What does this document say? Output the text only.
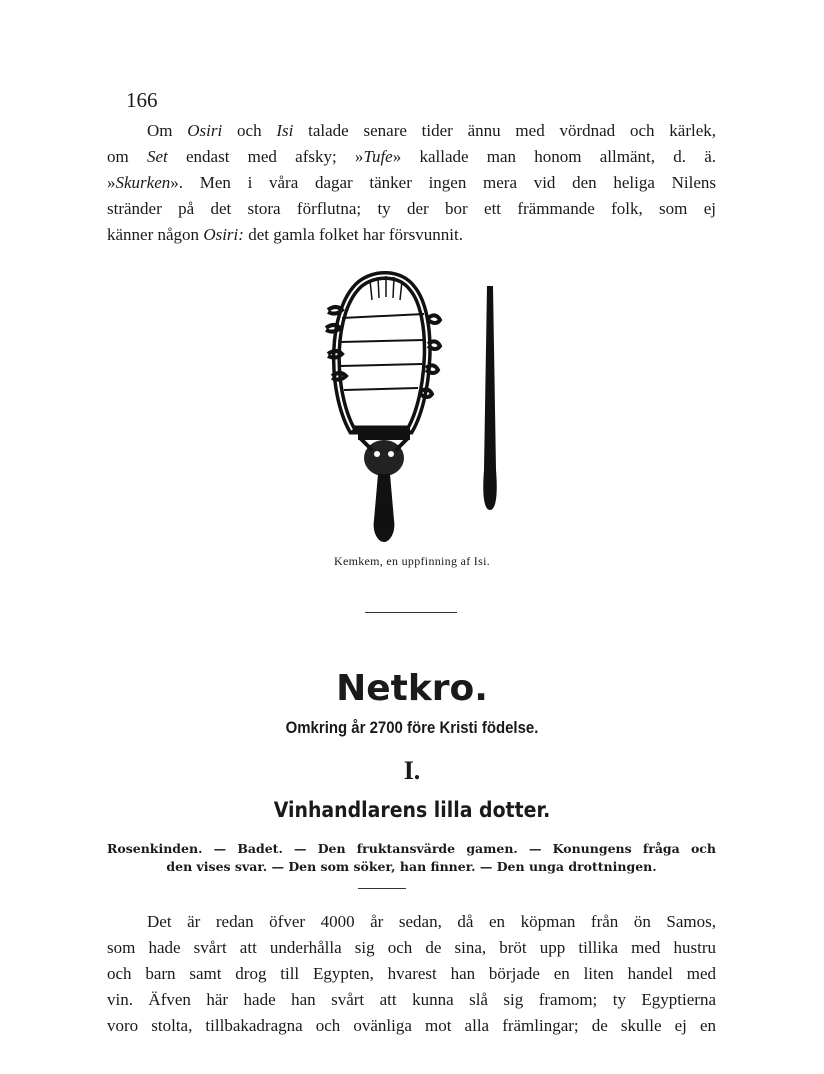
166

Om Osiri och Isi talade senare tider ännu med vördnad och kärlek,
om Set endast med afsky; »Tufe» kallade man honom allmänt, d. ä.
»Skurken». Men i våra dagar tänker ingen mera vid den heliga Nilens
stränder på det stora förflutna; ty der bor ett främmande folk, som ej
känner någon Osiri: det gamla folket har försvunnit.

Kemkem, en uppfinning af Isi.
Netkro.
Omkring år 2700 före Kristi födelse.
I.
Vinhandlarens lilla dotter.
Rosenkinden. — Badet. — Den fruktansvärde gamen. — Konungens fråga och
den vises svar. — Den som söker, han finner. — Den unga drottningen.

Det är redan öfver 4000 år sedan, då en köpman från ön Samos,
som hade svårt att underhålla sig och de sina, bröt upp tillika med hustru
och barn samt drog till Egypten, hvarest han började en liten handel med
vin. Äfven här hade han svårt att kunna slå sig framom; ty Egyptierna
voro stolta, tillbakadragna och ovänliga mot alla främlingar; de skulle ej en
